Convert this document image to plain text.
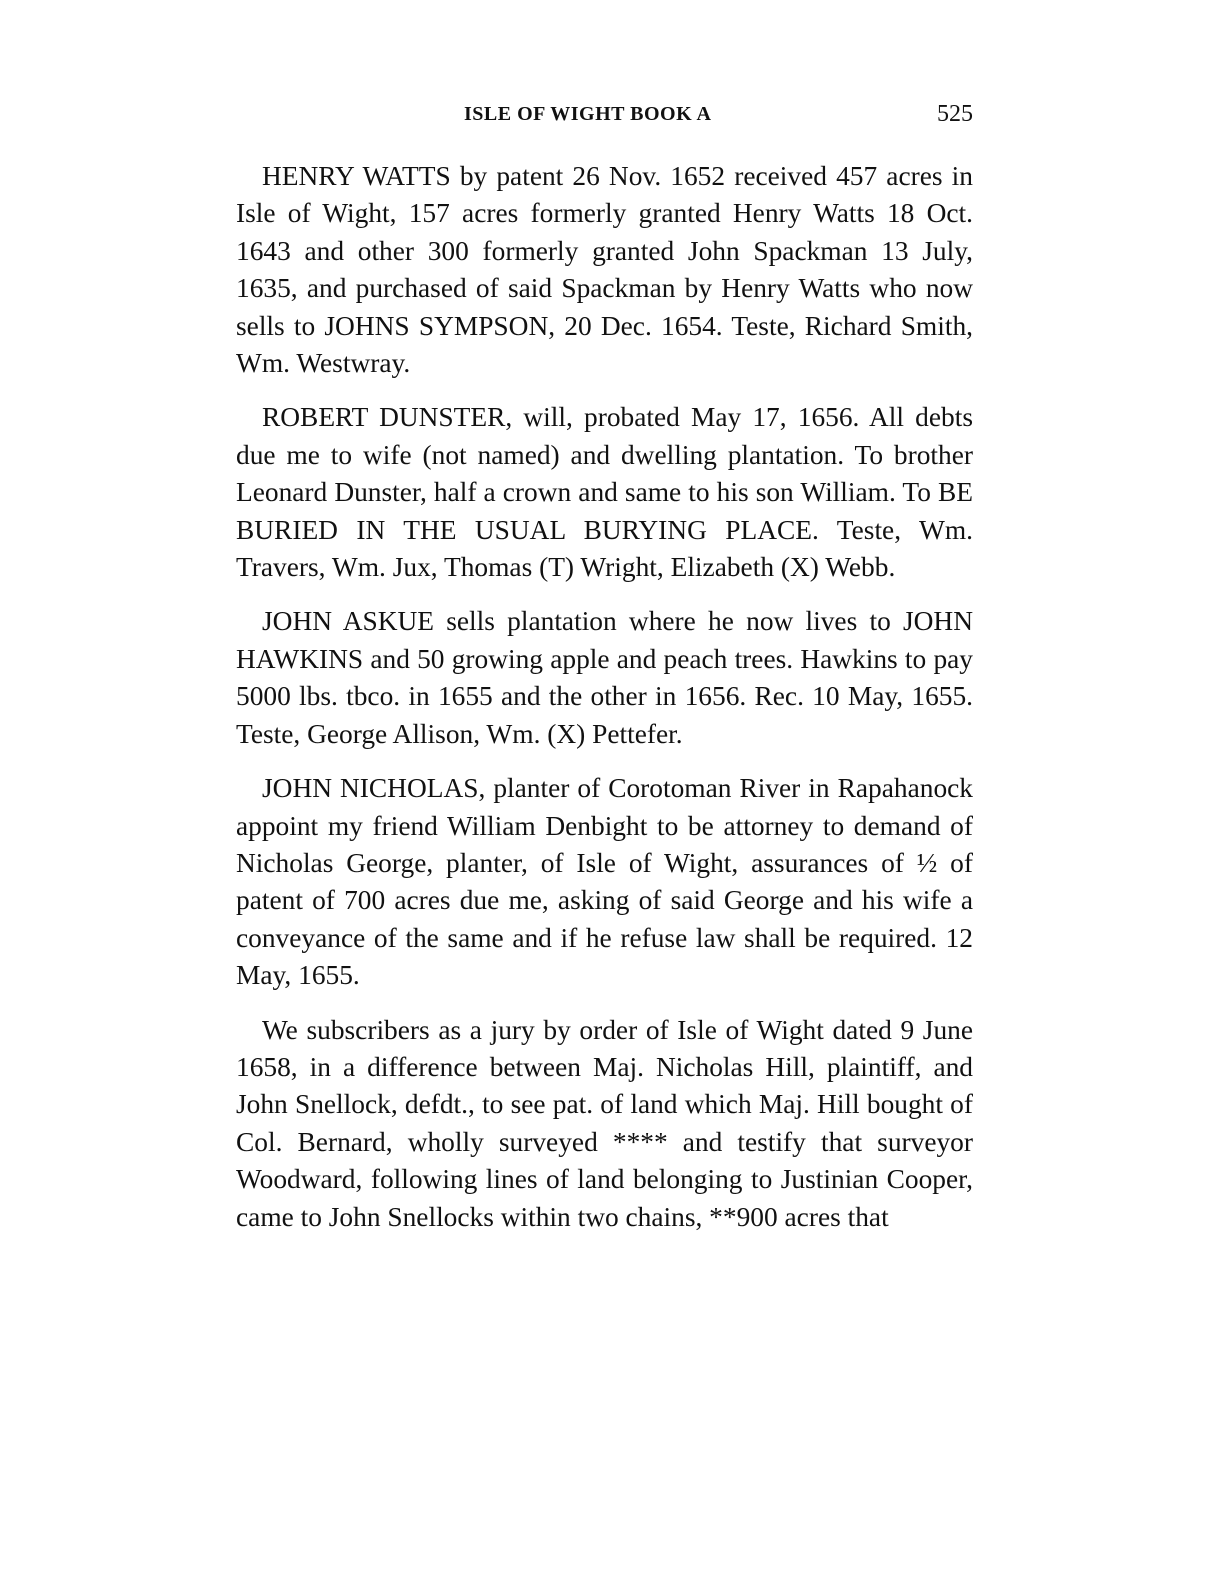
ISLE OF WIGHT BOOK A	525

HENRY WATTS by patent 26 Nov. 1652 received 457 acres in Isle of Wight, 157 acres formerly granted Henry Watts 18 Oct. 1643 and other 300 formerly granted John Spackman 13 July, 1635, and purchased of said Spackman by Henry Watts who now sells to JOHNS SYMPSON, 20 Dec. 1654. Teste, Richard Smith, Wm. Westwray.

ROBERT DUNSTER, will, probated May 17, 1656. All debts due me to wife (not named) and dwelling plantation. To brother Leonard Dunster, half a crown and same to his son William. To BE BURIED IN THE USUAL BURYING PLACE. Teste, Wm. Travers, Wm. Jux, Thomas (T) Wright, Elizabeth (X) Webb.

JOHN ASKUE sells plantation where he now lives to JOHN HAWKINS and 50 growing apple and peach trees. Hawkins to pay 5000 lbs. tbco. in 1655 and the other in 1656. Rec. 10 May, 1655. Teste, George Allison, Wm. (X) Pettefer.

JOHN NICHOLAS, planter of Corotoman River in Rapahanock appoint my friend William Denbight to be attorney to demand of Nicholas George, planter, of Isle of Wight, assurances of ½ of patent of 700 acres due me, asking of said George and his wife a conveyance of the same and if he refuse law shall be required. 12 May, 1655.

We subscribers as a jury by order of Isle of Wight dated 9 June 1658, in a difference between Maj. Nicholas Hill, plaintiff, and John Snellock, defdt., to see pat. of land which Maj. Hill bought of Col. Bernard, wholly surveyed **** and testify that surveyor Woodward, following lines of land belonging to Justinian Cooper, came to John Snellocks within two chains, **900 acres that
